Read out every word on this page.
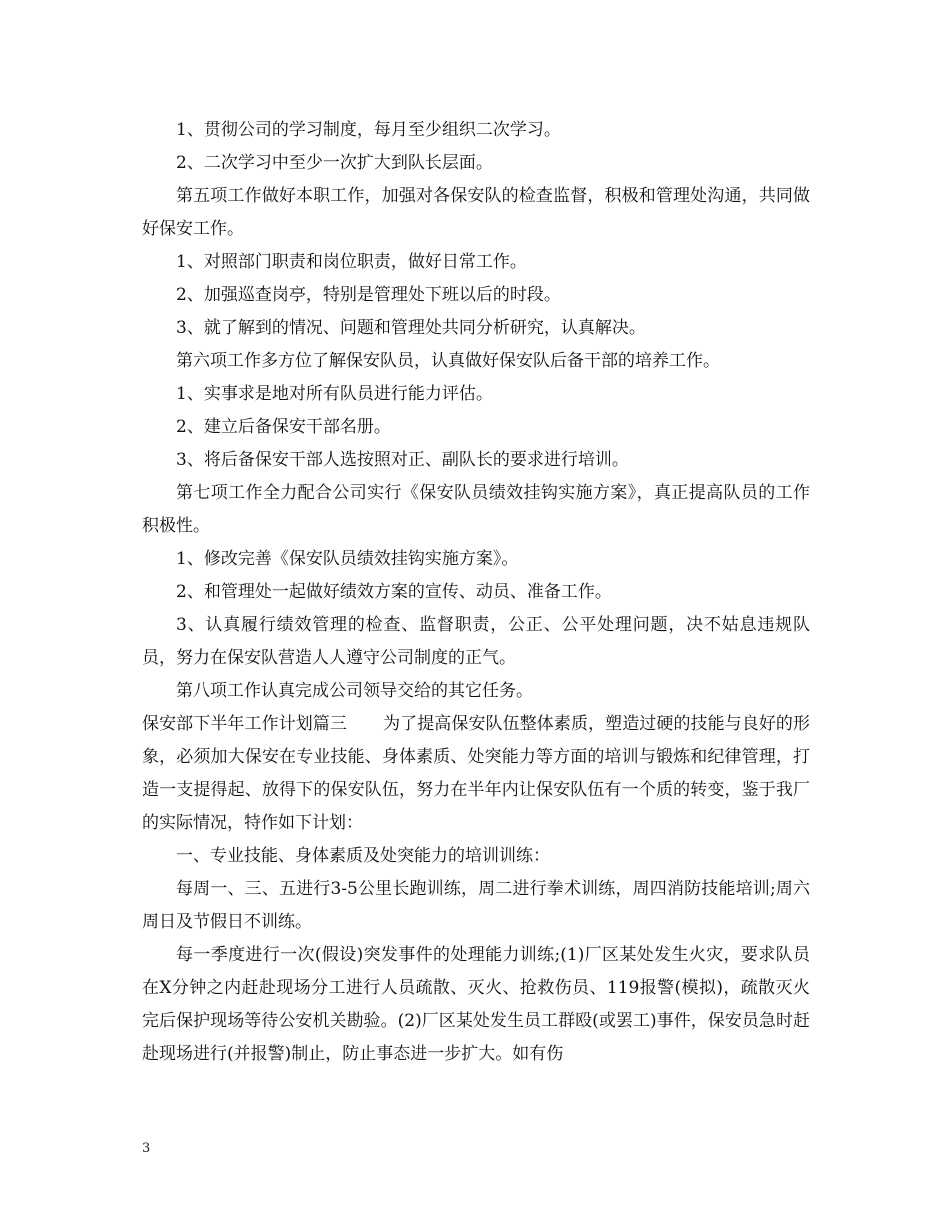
1、贯彻公司的学习制度，每月至少组织二次学习。

2、二次学习中至少一次扩大到队长层面。

第五项工作做好本职工作，加强对各保安队的检查监督，积极和管理处沟通，共同做好保安工作。

1、对照部门职责和岗位职责，做好日常工作。

2、加强巡查岗亭，特别是管理处下班以后的时段。

3、就了解到的情况、问题和管理处共同分析研究，认真解决。

第六项工作多方位了解保安队员，认真做好保安队后备干部的培养工作。

1、实事求是地对所有队员进行能力评估。

2、建立后备保安干部名册。

3、将后备保安干部人选按照对正、副队长的要求进行培训。

第七项工作全力配合公司实行《保安队员绩效挂钩实施方案》，真正提高队员的工作积极性。

1、修改完善《保安队员绩效挂钩实施方案》。

2、和管理处一起做好绩效方案的宣传、动员、准备工作。

3、认真履行绩效管理的检查、监督职责，公正、公平处理问题，决不姑息违规队员，努力在保安队营造人人遵守公司制度的正气。

第八项工作认真完成公司领导交给的其它任务。

保安部下半年工作计划篇三 为了提高保安队伍整体素质，塑造过硬的技能与良好的形象，必须加大保安在专业技能、身体素质、处突能力等方面的培训与锻炼和纪律管理，打造一支提得起、放得下的保安队伍，努力在半年内让保安队伍有一个质的转变，鉴于我厂的实际情况，特作如下计划：

一、专业技能、身体素质及处突能力的培训训练：

每周一、三、五进行3-5公里长跑训练，周二进行拳术训练，周四消防技能培训;周六周日及节假日不训练。

每一季度进行一次(假设)突发事件的处理能力训练;(1)厂区某处发生火灾，要求队员在X分钟之内赶赴现场分工进行人员疏散、灭火、抢救伤员、119报警(模拟)，疏散灭火完后保护现场等待公安机关勘验。(2)厂区某处发生员工群殴(或罢工)事件，保安员急时赶赴现场进行(并报警)制止，防止事态进一步扩大。如有伤

3
